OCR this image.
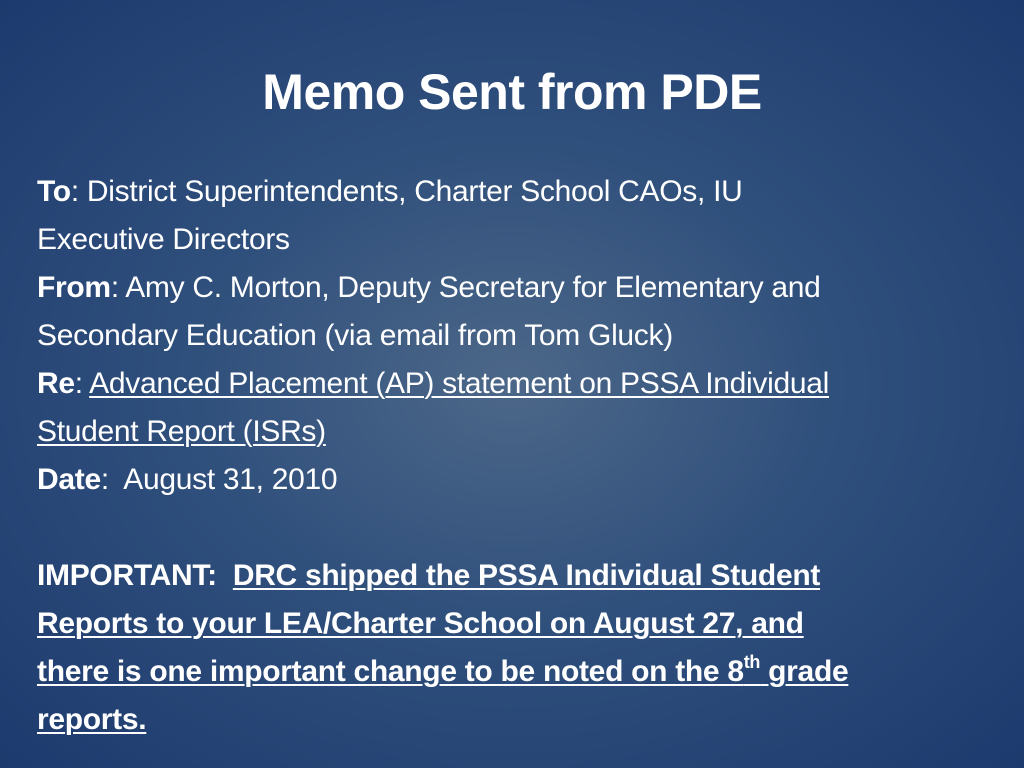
Memo Sent from PDE
To: District Superintendents, Charter School CAOs, IU
Executive Directors
From: Amy C. Morton, Deputy Secretary for Elementary and
Secondary Education (via email from Tom Gluck)
Re: Advanced Placement (AP) statement on PSSA Individual
Student Report (ISRs)
Date:  August 31, 2010
IMPORTANT:  DRC shipped the PSSA Individual Student
Reports to your LEA/Charter School on August 27, and
there is one important change to be noted on the 8th grade
reports.
